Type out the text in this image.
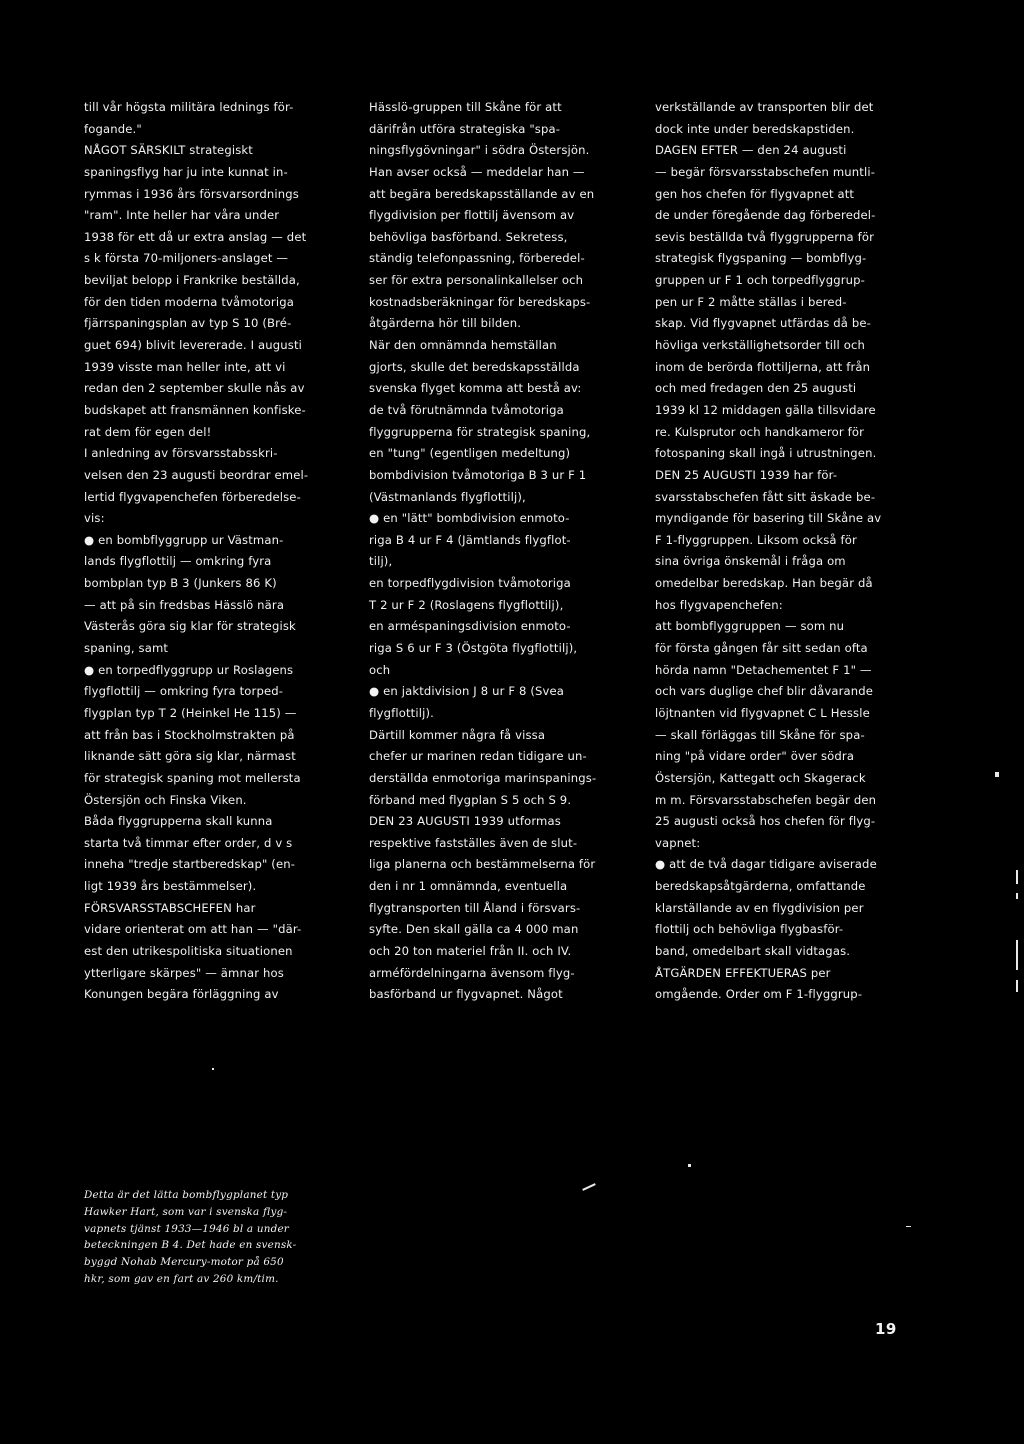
till vår högsta militära lednings för-
fogande."
NÅGOT SÄRSKILT strategiskt
spaningsflyg har ju inte kunnat in-
rymmas i 1936 års försvarsordnings
"ram". Inte heller har våra under
1938 för ett då ur extra anslag — det
s k första 70-miljoners-anslaget —
beviljat belopp i Frankrike beställda,
för den tiden moderna tvåmotoriga
fjärrspaningsplan av typ S 10 (Bré-
guet 694) blivit levererade. I augusti
1939 visste man heller inte, att vi
redan den 2 september skulle nås av
budskapet att fransmännen konfiske-
rat dem för egen del!
I anledning av försvarsstabsskri-
velsen den 23 augusti beordrar emel-
lertid flygvapenchefen förberedelse-
vis:
● en bombflyggrupp ur Västman-
lands flygflottilj — omkring fyra
bombplan typ B 3 (Junkers 86 K)
— att på sin fredsbas Hässlö nära
Västerås göra sig klar för strategisk
spaning, samt
● en torpedflyggrupp ur Roslagens
flygflottilj — omkring fyra torped-
flygplan typ T 2 (Heinkel He 115) —
att från bas i Stockholmstrakten på
liknande sätt göra sig klar, närmast
för strategisk spaning mot mellersta
Östersjön och Finska Viken.
Båda flyggrupperna skall kunna
starta två timmar efter order, d v s
inneha "tredje startberedskap" (en-
ligt 1939 års bestämmelser).
FÖRSVARSSTABSCHEFEN har
vidare orienterat om att han — "där-
est den utrikespolitiska situationen
ytterligare skärpes" — ämnar hos
Konungen begära förläggning av
Hässlö-gruppen till Skåne för att
därifrån utföra strategiska "spa-
ningsflygövningar" i södra Östersjön.
Han avser också — meddelar han —
att begära beredskapsställande av en
flygdivision per flottilj ävensom av
behövliga basförband. Sekretess,
ständig telefonpassning, förberedel-
ser för extra personalinkallelser och
kostnadsberäkningar för beredskaps-
åtgärderna hör till bilden.
När den omnämnda hemställan
gjorts, skulle det beredskapsställda
svenska flyget komma att bestå av:
de två förutnämnda tvåmotoriga
flyggrupperna för strategisk spaning,
en "tung" (egentligen medeltung)
bombdivision tvåmotoriga B 3 ur F 1
(Västmanlands flygflottilj),
● en "lätt" bombdivision enmoto-
riga B 4 ur F 4 (Jämtlands flygflot-
tilj),
en torpedflygdivision tvåmotoriga
T 2 ur F 2 (Roslagens flygflottilj),
en arméspaningsdivision enmoto-
riga S 6 ur F 3 (Östgöta flygflottilj),
och
● en jaktdivision J 8 ur F 8 (Svea
flygflottilj).
Därtill kommer några få vissa
chefer ur marinen redan tidigare un-
derställda enmotoriga marinspanings-
förband med flygplan S 5 och S 9.
DEN 23 AUGUSTI 1939 utformas
respektive fastställes även de slut-
liga planerna och bestämmelserna för
den i nr 1 omnämnda, eventuella
flygtransporten till Åland i försvars-
syfte. Den skall gälla ca 4 000 man
och 20 ton materiel från II. och IV.
arméfördelningarna ävensom flyg-
basförband ur flygvapnet. Något
verkställande av transporten blir det
dock inte under beredskapstiden.
DAGEN EFTER — den 24 augusti
— begär försvarsstabschefen muntli-
gen hos chefen för flygvapnet att
de under föregående dag förberedel-
sevis beställda två flyggrupperna för
strategisk flygspaning — bombflyg-
gruppen ur F 1 och torpedflyggrup-
pen ur F 2 måtte ställas i bered-
skap. Vid flygvapnet utfärdas då be-
hövliga verkställighetsorder till och
inom de berörda flottiljerna, att från
och med fredagen den 25 augusti
1939 kl 12 middagen gälla tillsvidare
re. Kulsprutor och handkameror för
fotospaning skall ingå i utrustningen.
DEN 25 AUGUSTI 1939 har för-
svarsstabschefen fått sitt äskade be-
myndigande för basering till Skåne av
F 1-flyggruppen. Liksom också för
sina övriga önskemål i fråga om
omedelbar beredskap. Han begär då
hos flygvapenchefen:
att bombflyggruppen — som nu
för första gången får sitt sedan ofta
hörda namn "Detachementet F 1" —
och vars duglige chef blir dåvarande
löjtnanten vid flygvapnet C L Hessle
— skall förläggas till Skåne för spa-
ning "på vidare order" över södra
Östersjön, Kattegatt och Skagerack
m m. Försvarsstabschefen begär den
25 augusti också hos chefen för flyg-
vapnet:
● att de två dagar tidigare aviserade
beredskapsåtgärderna, omfattande
klarställande av en flygdivision per
flottilj och behövliga flygbasför-
band, omedelbart skall vidtagas.
ÅTGÄRDEN EFFEKTUERAS per
omgående. Order om F 1-flyggrup-
Detta är det lätta bombflygplanet typ
Hawker Hart, som var i svenska flyg-
vapnets tjänst 1933—1946 bl a under
beteckningen B 4. Det hade en svensk-
byggd Nohab Mercury-motor på 650
hkr, som gav en fart av 260 km/tim.
19
